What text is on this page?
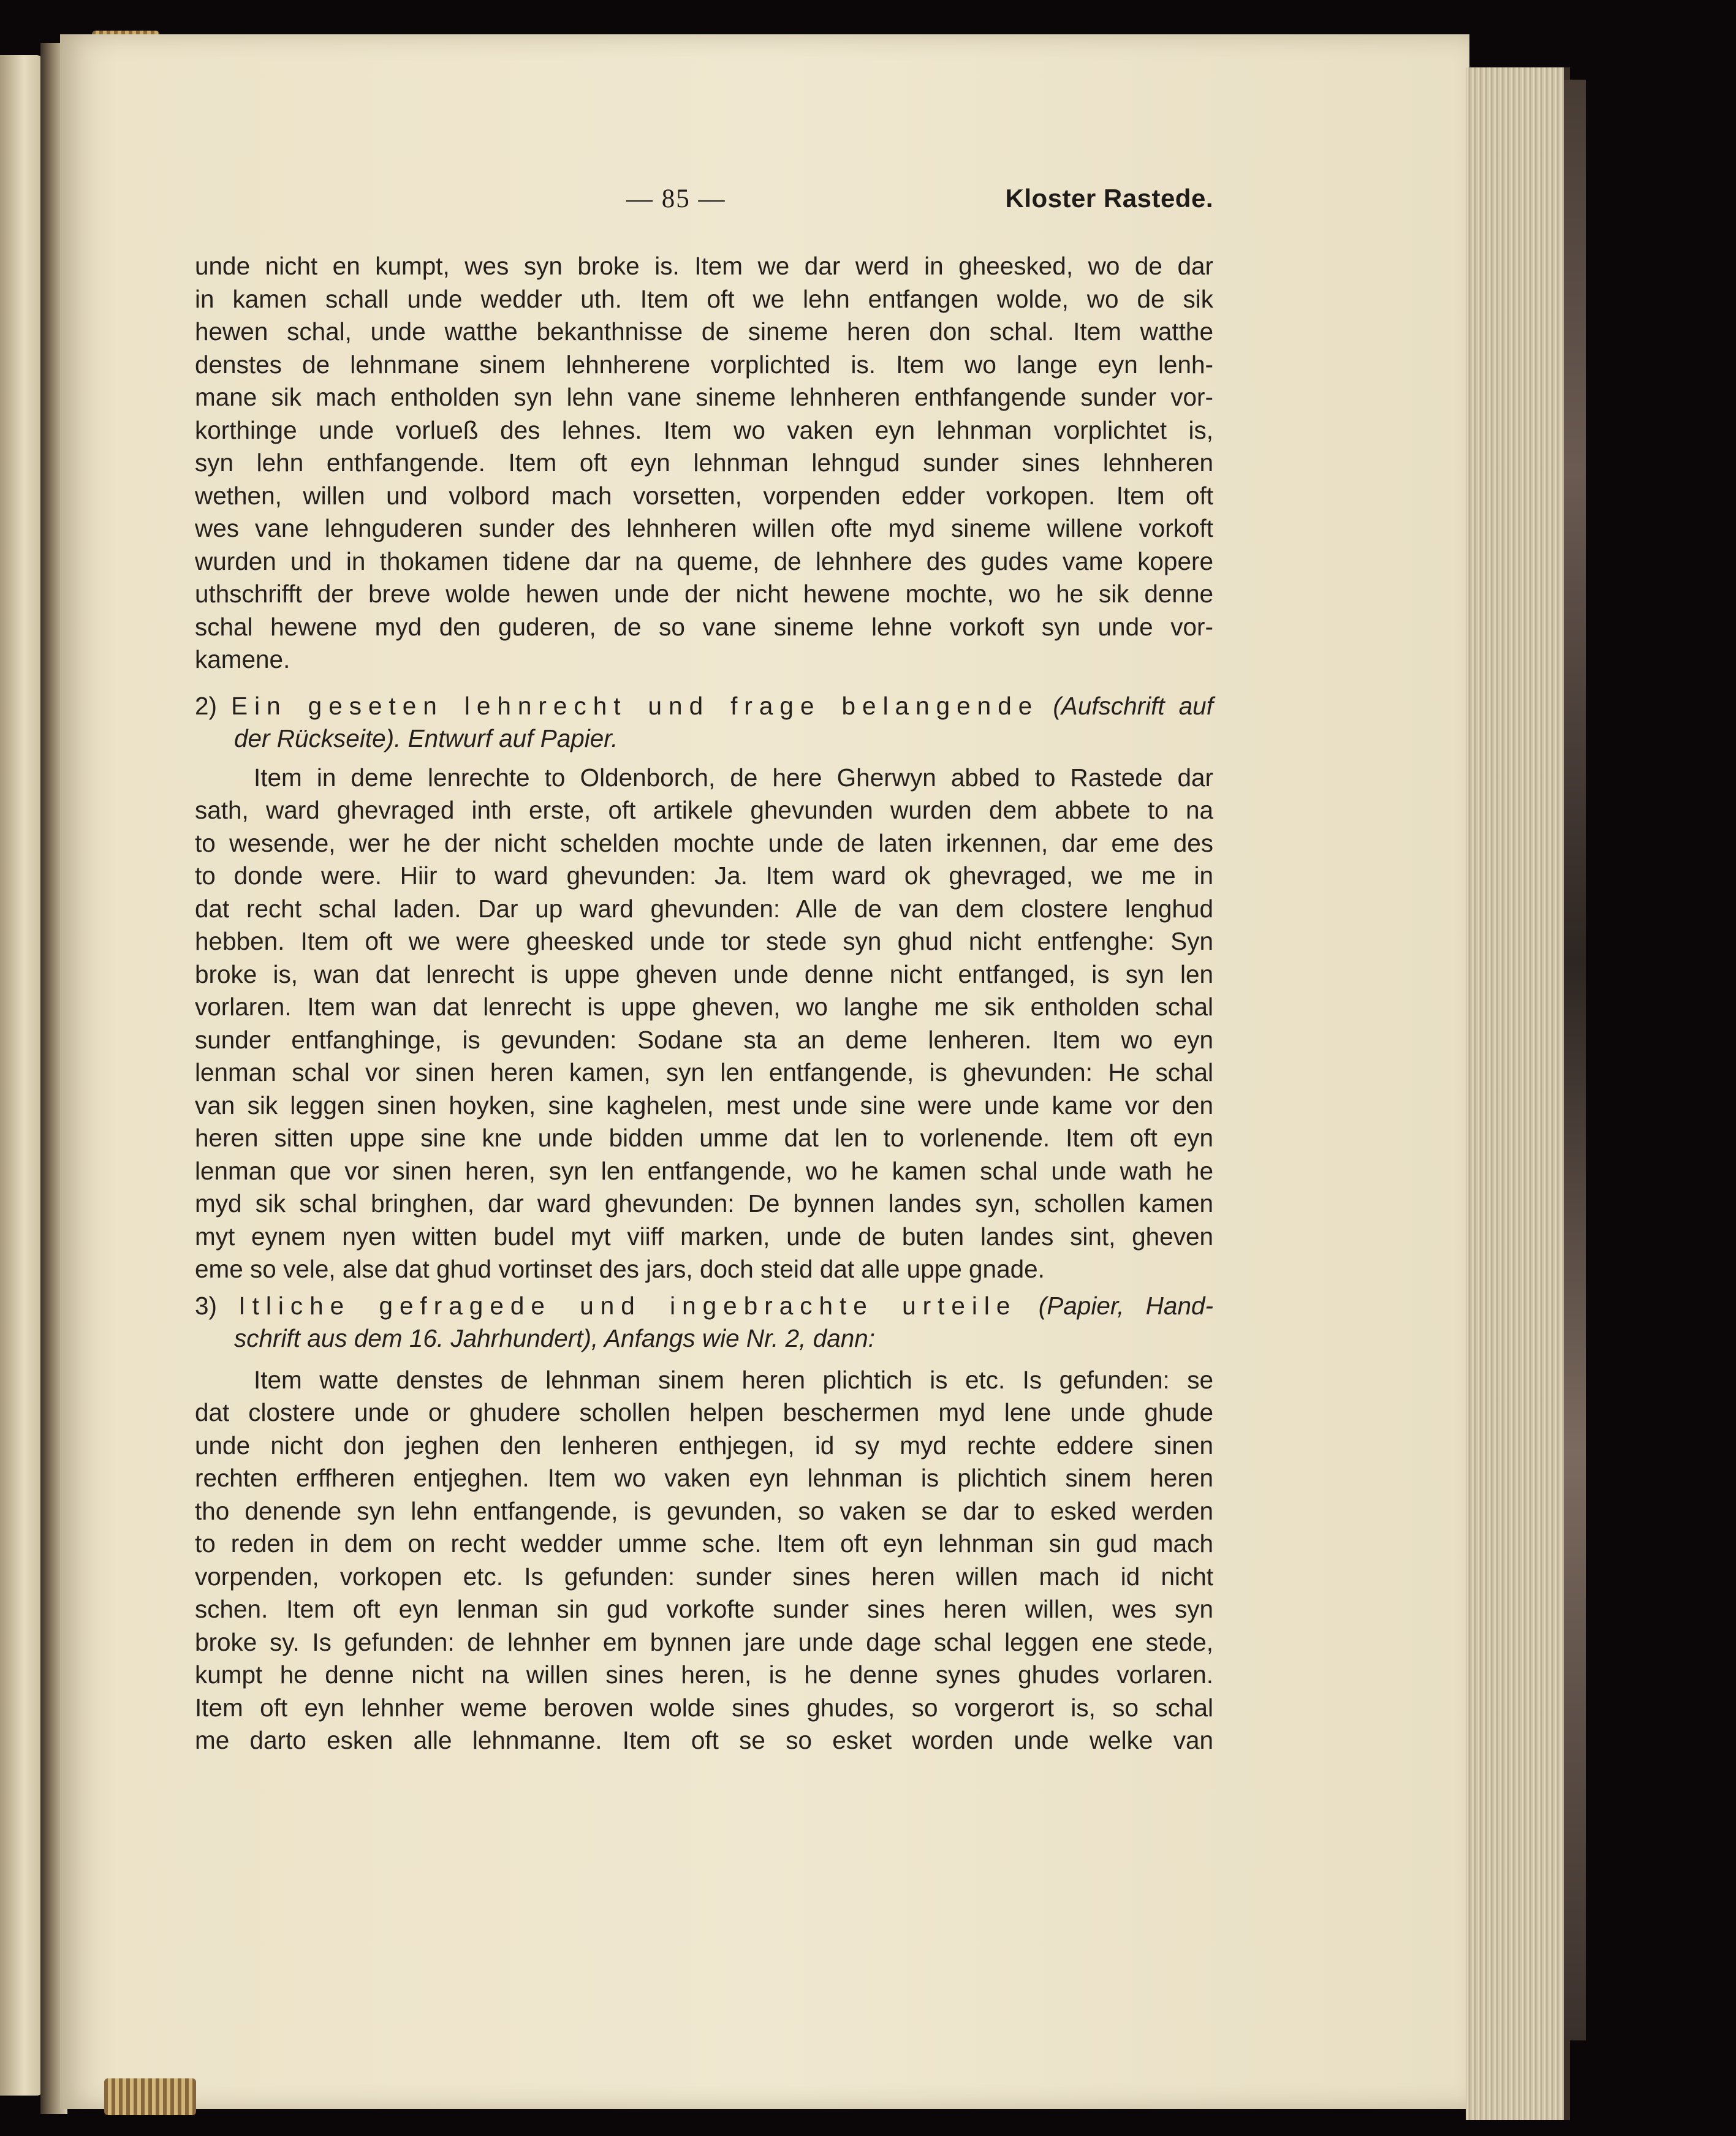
— 85 —	Kloster Rastede.
unde nicht en kumpt, wes syn broke is. Item we dar werd in gheesked, wo de dar
in kamen schall unde wedder uth. Item oft we lehn entfangen wolde, wo de sik
hewen schal, unde watthe bekanthnisse de sineme heren don schal. Item watthe
denstes de lehnmane sinem lehnherene vorplichted is. Item wo lange eyn lenh-
mane sik mach entholden syn lehn vane sineme lehnheren enthfangende sunder vor-
korthinge unde vorlueß des lehnes. Item wo vaken eyn lehnman vorplichtet is,
syn lehn enthfangende. Item oft eyn lehnman lehngud sunder sines lehnheren
wethen, willen und volbord mach vorsetten, vorpenden edder vorkopen. Item oft
wes vane lehnguderen sunder des lehnheren willen ofte myd sineme willene vorkoft
wurden und in thokamen tidene dar na queme, de lehnhere des gudes vame kopere
uthschrifft der breve wolde hewen unde der nicht hewene mochte, wo he sik denne
schal hewene myd den guderen, de so vane sineme lehne vorkoft syn unde vor-
kamene.
2) Ein geseten lehnrecht und frage belangende (Aufschrift auf
der Rückseite). Entwurf auf Papier.
Item in deme lenrechte to Oldenborch, de here Gherwyn abbed to Rastede dar
sath, ward ghevraged inth erste, oft artikele ghevunden wurden dem abbete to na
to wesende, wer he der nicht schelden mochte unde de laten irkennen, dar eme des
to donde were. Hiir to ward ghevunden: Ja. Item ward ok ghevraged, we me in
dat recht schal laden. Dar up ward ghevunden: Alle de van dem clostere lenghud
hebben. Item oft we were gheesked unde tor stede syn ghud nicht entfenghe: Syn
broke is, wan dat lenrecht is uppe gheven unde denne nicht entfanged, is syn len
vorlaren. Item wan dat lenrecht is uppe gheven, wo langhe me sik entholden schal
sunder entfanghinge, is gevunden: Sodane sta an deme lenheren. Item wo eyn
lenman schal vor sinen heren kamen, syn len entfangende, is ghevunden: He schal
van sik leggen sinen hoyken, sine kaghelen, mest unde sine were unde kame vor den
heren sitten uppe sine kne unde bidden umme dat len to vorlenende. Item oft eyn
lenman que vor sinen heren, syn len entfangende, wo he kamen schal unde wath he
myd sik schal bringhen, dar ward ghevunden: De bynnen landes syn, schollen kamen
myt eynem nyen witten budel myt viiff marken, unde de buten landes sint, gheven
eme so vele, alse dat ghud vortinset des jars, doch steid dat alle uppe gnade.
3) Itliche gefragede und ingebrachte urteile (Papier, Hand-
schrift aus dem 16. Jahrhundert), Anfangs wie Nr. 2, dann:
Item watte denstes de lehnman sinem heren plichtich is etc. Is gefunden: se
dat clostere unde or ghudere schollen helpen beschermen myd lene unde ghude
unde nicht don jeghen den lenheren enthjegen, id sy myd rechte eddere sinen
rechten erffheren entjeghen. Item wo vaken eyn lehnman is plichtich sinem heren
tho denende syn lehn entfangende, is gevunden, so vaken se dar to esked werden
to reden in dem on recht wedder umme sche. Item oft eyn lehnman sin gud mach
vorpenden, vorkopen etc. Is gefunden: sunder sines heren willen mach id nicht
schen. Item oft eyn lenman sin gud vorkofte sunder sines heren willen, wes syn
broke sy. Is gefunden: de lehnher em bynnen jare unde dage schal leggen ene stede,
kumpt he denne nicht na willen sines heren, is he denne synes ghudes vorlaren.
Item oft eyn lehnher weme beroven wolde sines ghudes, so vorgerort is, so schal
me darto esken alle lehnmanne. Item oft se so esket worden unde welke van
